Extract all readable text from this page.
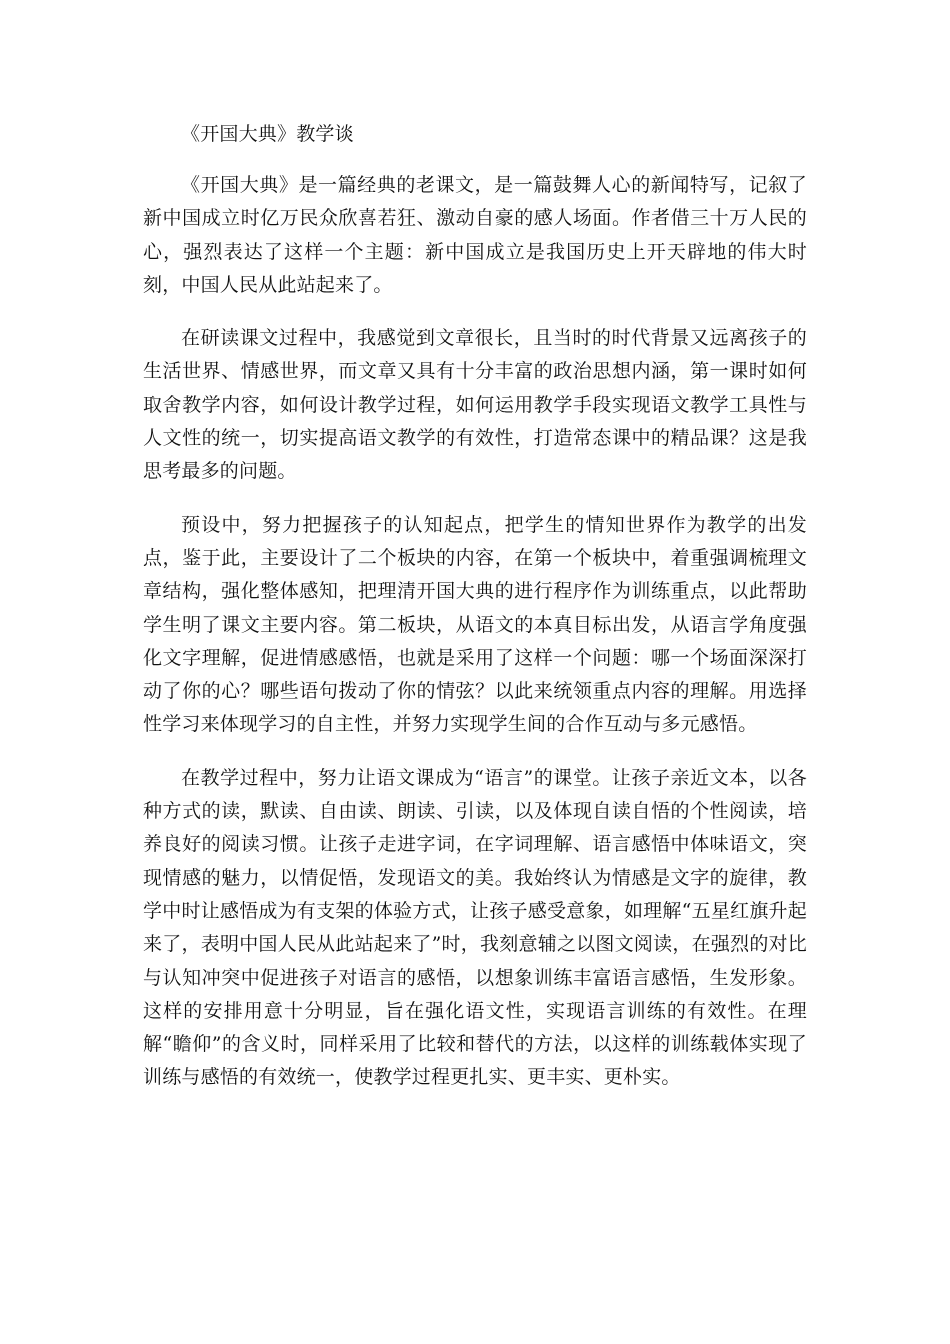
《开国大典》教学谈

《开国大典》是一篇经典的老课文，是一篇鼓舞人心的新闻特写，记叙了新中国成立时亿万民众欣喜若狂、激动自豪的感人场面。作者借三十万人民的心，强烈表达了这样一个主题：新中国成立是我国历史上开天辟地的伟大时刻，中国人民从此站起来了。

在研读课文过程中，我感觉到文章很长，且当时的时代背景又远离孩子的生活世界、情感世界，而文章又具有十分丰富的政治思想内涵，第一课时如何取舍教学内容，如何设计教学过程，如何运用教学手段实现语文教学工具性与人文性的统一，切实提高语文教学的有效性，打造常态课中的精品课？这是我思考最多的问题。

预设中，努力把握孩子的认知起点，把学生的情知世界作为教学的出发点，鉴于此，主要设计了二个板块的内容，在第一个板块中，着重强调梳理文章结构，强化整体感知，把理清开国大典的进行程序作为训练重点，以此帮助学生明了课文主要内容。第二板块，从语文的本真目标出发，从语言学角度强化文字理解，促进情感感悟，也就是采用了这样一个问题：哪一个场面深深打动了你的心？哪些语句拨动了你的情弦？以此来统领重点内容的理解。用选择性学习来体现学习的自主性，并努力实现学生间的合作互动与多元感悟。

在教学过程中，努力让语文课成为“语言”的课堂。让孩子亲近文本，以各种方式的读，默读、自由读、朗读、引读，以及体现自读自悟的个性阅读，培养良好的阅读习惯。让孩子走进字词，在字词理解、语言感悟中体味语文，突现情感的魅力，以情促悟，发现语文的美。我始终认为情感是文字的旋律，教学中时让感悟成为有支架的体验方式，让孩子感受意象，如理解“五星红旗升起来了，表明中国人民从此站起来了”时，我刻意辅之以图文阅读，在强烈的对比与认知冲突中促进孩子对语言的感悟，以想象训练丰富语言感悟，生发形象。这样的安排用意十分明显，旨在强化语文性，实现语言训练的有效性。在理解“瞻仰”的含义时，同样采用了比较和替代的方法，以这样的训练载体实现了训练与感悟的有效统一，使教学过程更扎实、更丰实、更朴实。
